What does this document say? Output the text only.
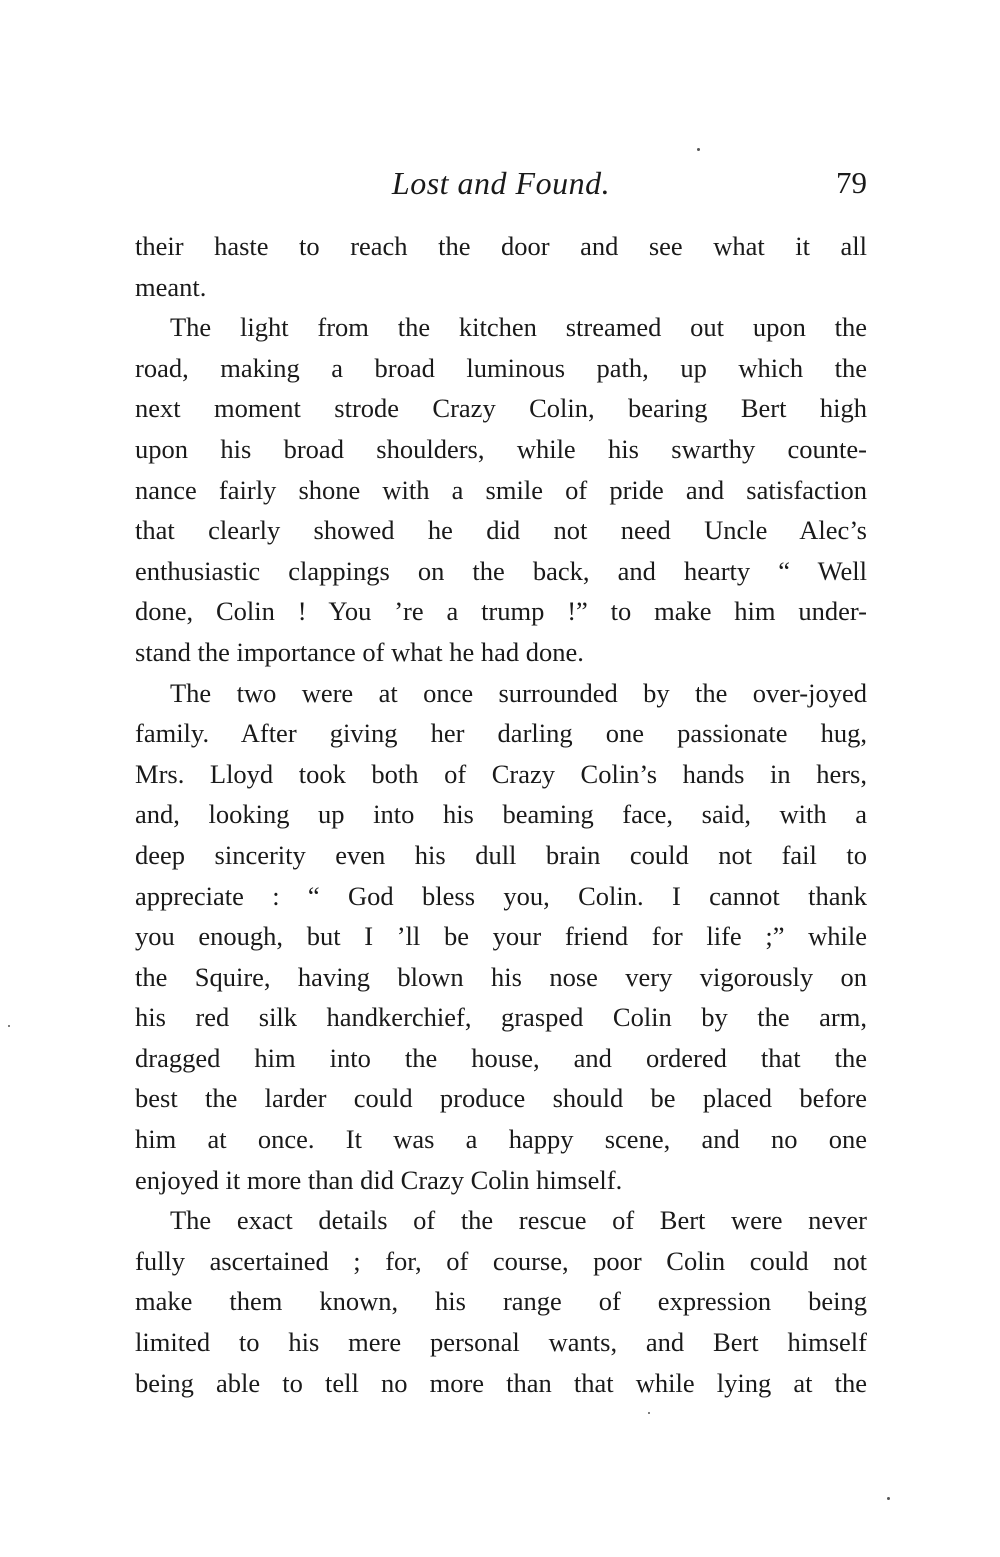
Lost and Found.	79
their haste to reach the door and see what it all
meant.
The light from the kitchen streamed out upon the
road, making a broad luminous path, up which the
next moment strode Crazy Colin, bearing Bert high
upon his broad shoulders, while his swarthy counte-
nance fairly shone with a smile of pride and satisfaction
that clearly showed he did not need Uncle Alec’s
enthusiastic clappings on the back, and hearty “ Well
done, Colin ! You ’re a trump !” to make him under-
stand the importance of what he had done.
The two were at once surrounded by the over-joyed
family. After giving her darling one passionate hug,
Mrs. Lloyd took both of Crazy Colin’s hands in hers,
and, looking up into his beaming face, said, with a
deep sincerity even his dull brain could not fail to
appreciate : “ God bless you, Colin. I cannot thank
you enough, but I ’ll be your friend for life ;” while
the Squire, having blown his nose very vigorously on
his red silk handkerchief, grasped Colin by the arm,
dragged him into the house, and ordered that the
best the larder could produce should be placed before
him at once. It was a happy scene, and no one
enjoyed it more than did Crazy Colin himself.
The exact details of the rescue of Bert were never
fully ascertained ; for, of course, poor Colin could not
make them known, his range of expression being
limited to his mere personal wants, and Bert himself
being able to tell no more than that while lying at the
